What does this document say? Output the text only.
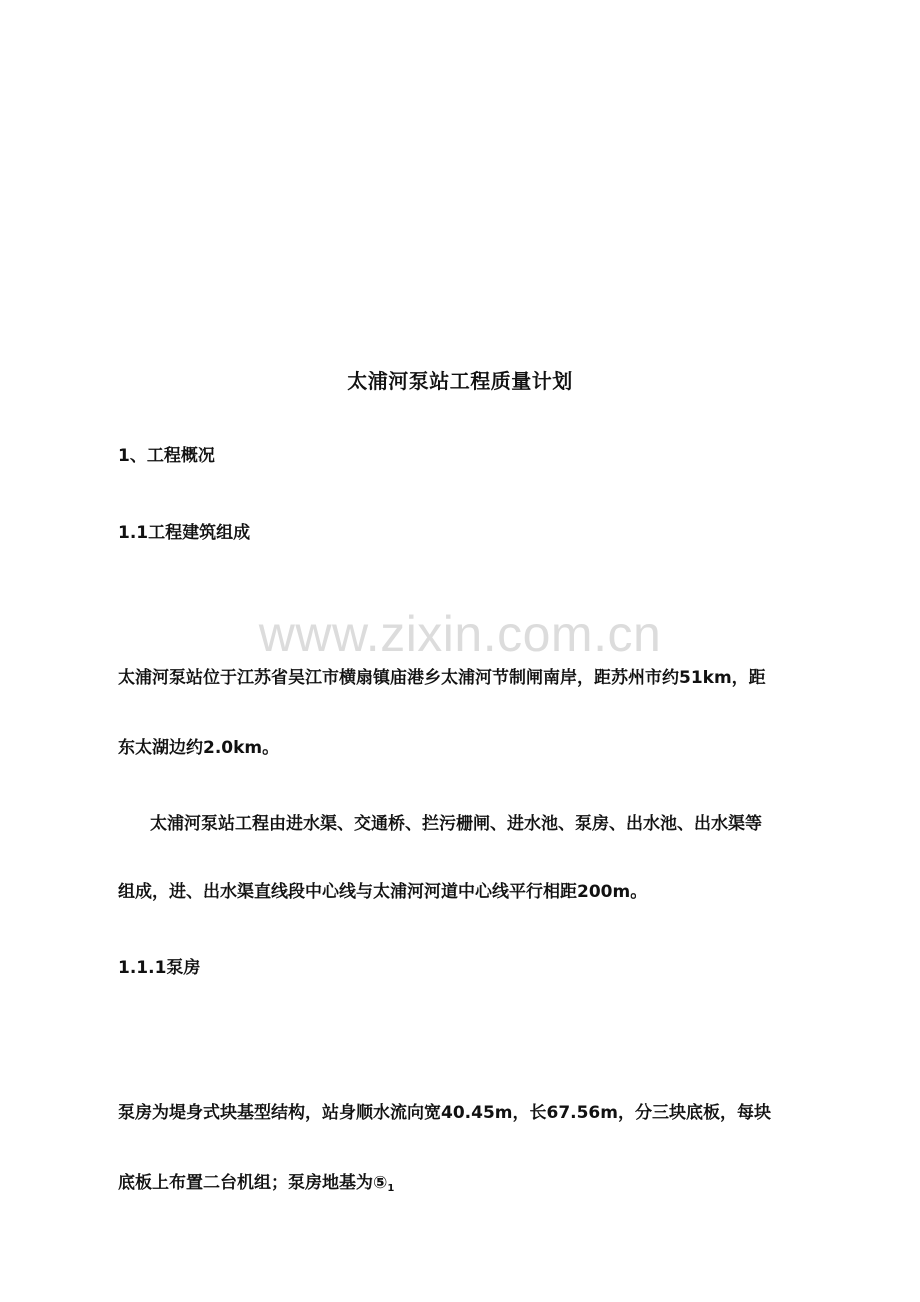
太浦河泵站工程质量计划
1、工程概况
1.1工程建筑组成
www.zixin.com.cn
太浦河泵站位于江苏省吴江市横扇镇庙港乡太浦河节制闸南岸，距苏州市约51km，距
东太湖边约2.0km。
太浦河泵站工程由进水渠、交通桥、拦污栅闸、进水池、泵房、出水池、出水渠等
组成，进、出水渠直线段中心线与太浦河河道中心线平行相距200m。
1.1.1泵房
泵房为堤身式块基型结构，站身顺水流向宽40.45m，长67.56m，分三块底板，每块
底板上布置二台机组；泵房地基为$⑤_1$
